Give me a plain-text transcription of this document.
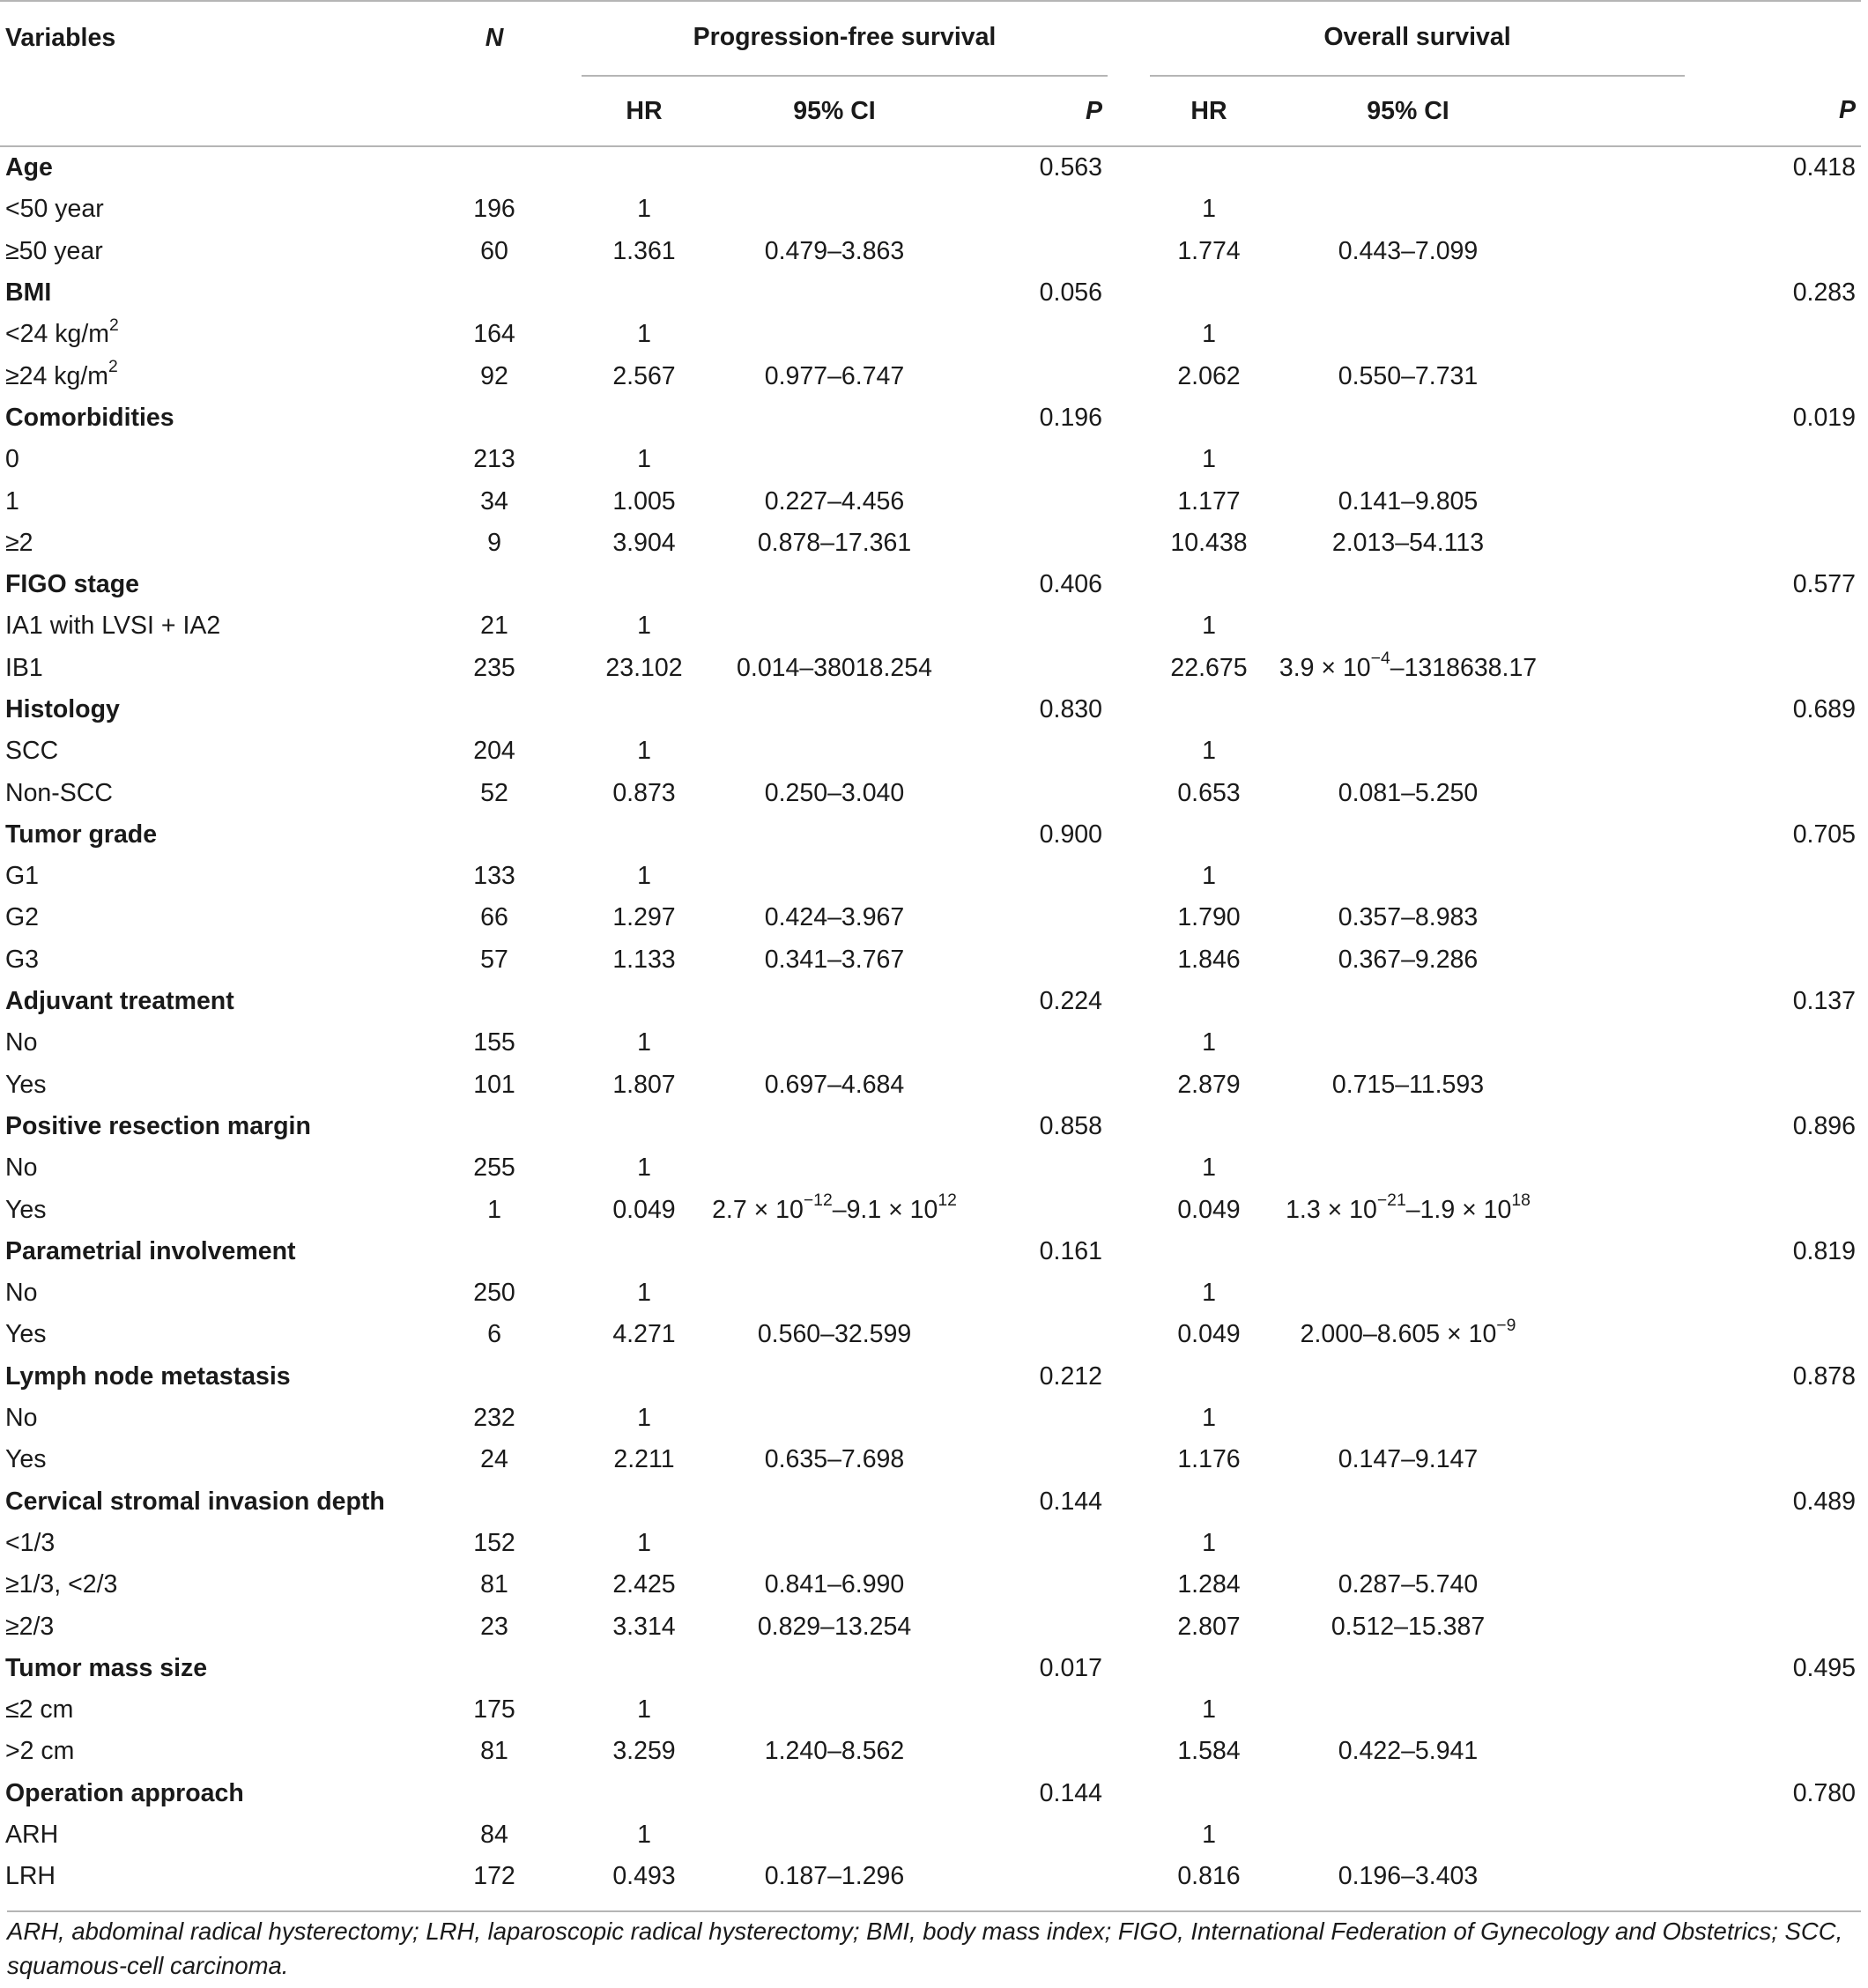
Variables	N		Progression-free survival				Overall survival			
			HR	95% CI	P		HR	95% CI		P
Age					0.563					0.418
<50 year	196		1				1			
≥50 year	60		1.361	0.479–3.863			1.774	0.443–7.099		
BMI					0.056					0.283
<24 $kg/m^2$	164		1				1			
≥24 $kg/m^2$	92		2.567	0.977–6.747			2.062	0.550–7.731		
Comorbidities					0.196					0.019
0	213		1				1			
1	34		1.005	0.227–4.456			1.177	0.141–9.805		
≥2	9		3.904	0.878–17.361			10.438	2.013–54.113		
FIGO stage					0.406					0.577
IA1 with LVSI + IA2	21		1				1			
IB1	235		23.102	0.014–38018.254			22.675	$3.9 \times 10^{-4}-1318638.17$		
Histology					0.830					0.689
SCC	204		1				1			
Non-SCC	52		0.873	0.250–3.040			0.653	0.081–5.250		
Tumor grade					0.900					0.705
G1	133		1				1			
G2	66		1.297	0.424–3.967			1.790	0.357–8.983		
G3	57		1.133	0.341–3.767			1.846	0.367–9.286		
Adjuvant treatment					0.224					0.137
No	155		1				1			
Yes	101		1.807	0.697–4.684			2.879	0.715–11.593		
Positive resection margin					0.858					0.896
No	255		1				1			
Yes	1		0.049	$2.7 \times 10^{-12}-9.1 \times 10^{12}$			0.049	$1.3 \times 10^{-21}-1.9 \times 10^{18}$		
Parametrial involvement					0.161					0.819
No	250		1				1			
Yes	6		4.271	0.560–32.599			0.049	$2.000-8.605 \times 10^{-9}$		
Lymph node metastasis					0.212					0.878
No	232		1				1			
Yes	24		2.211	0.635–7.698			1.176	0.147–9.147		
Cervical stromal invasion depth					0.144					0.489
<1/3	152		1				1			
≥1/3, <2/3	81		2.425	0.841–6.990			1.284	0.287–5.740		
≥2/3	23		3.314	0.829–13.254			2.807	0.512–15.387		
Tumor mass size					0.017					0.495
≤2 cm	175		1				1			
>2 cm	81		3.259	1.240–8.562			1.584	0.422–5.941		
Operation approach					0.144					0.780
ARH	84		1				1			
LRH	172		0.493	0.187–1.296			0.816	0.196–3.403		
ARH, abdominal radical hysterectomy; LRH, laparoscopic radical hysterectomy; BMI, body mass index; FIGO, International Federation of Gynecology and Obstetrics; SCC, squamous-cell carcinoma.
